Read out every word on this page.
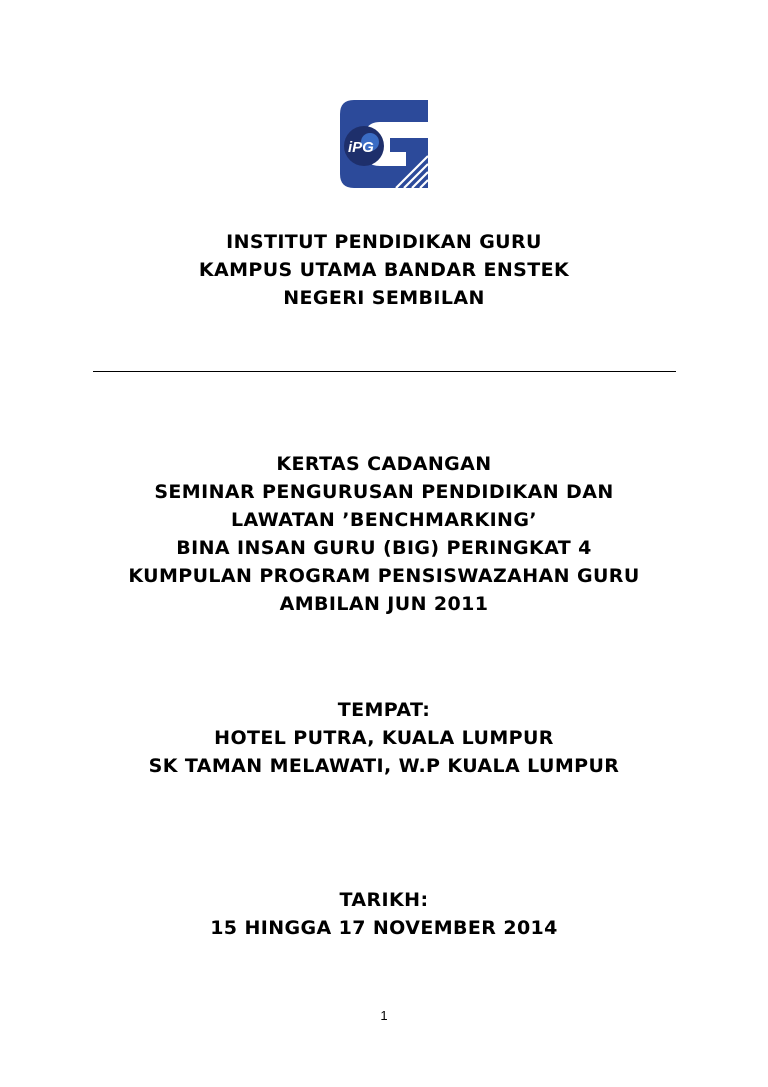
iPG
INSTITUT PENDIDIKAN GURU
KAMPUS UTAMA BANDAR ENSTEK
NEGERI SEMBILAN
KERTAS CADANGAN
SEMINAR PENGURUSAN PENDIDIKAN DAN
LAWATAN ’BENCHMARKING’
BINA INSAN GURU (BIG) PERINGKAT 4
KUMPULAN PROGRAM PENSISWAZAHAN GURU
AMBILAN JUN 2011
TEMPAT:
HOTEL PUTRA, KUALA LUMPUR
SK TAMAN MELAWATI, W.P KUALA LUMPUR
TARIKH:
15 HINGGA 17 NOVEMBER 2014
1
